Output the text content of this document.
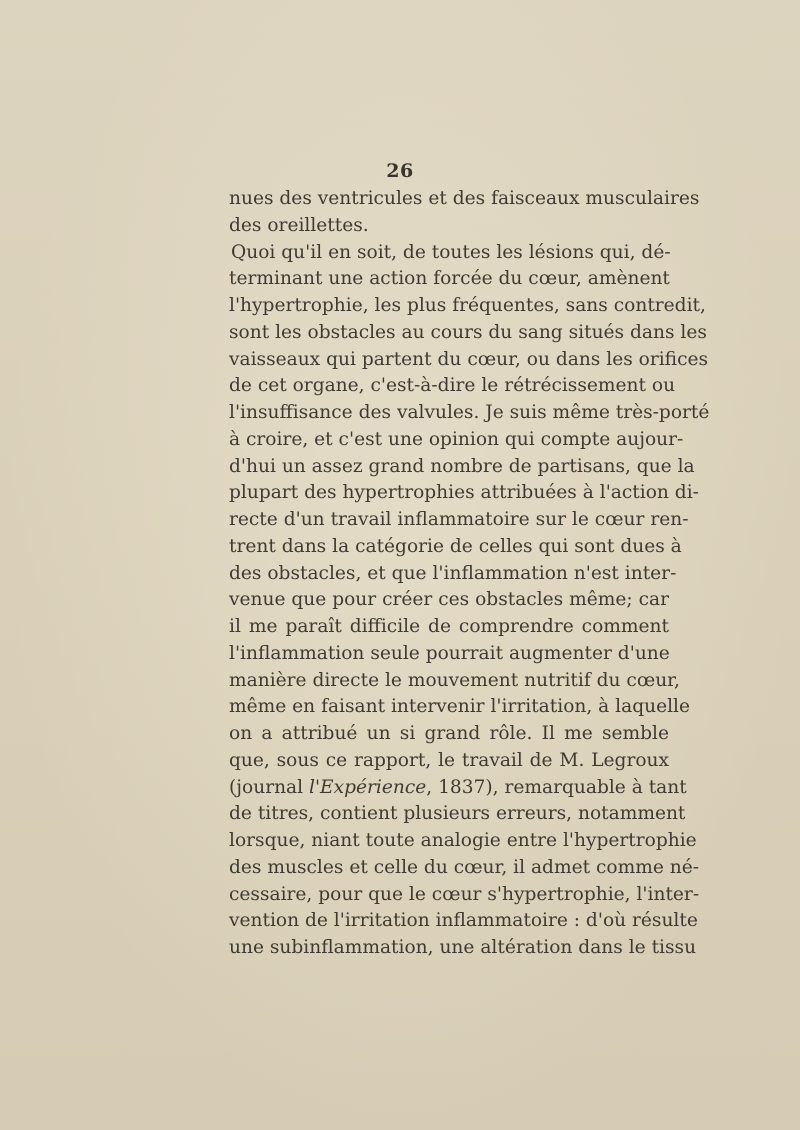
26
nues des ventricules et des faisceaux musculaires
des oreillettes.
Quoi qu'il en soit, de toutes les lésions qui, dé-
terminant une action forcée du cœur, amènent
l'hypertrophie, les plus fréquentes, sans contredit,
sont les obstacles au cours du sang situés dans les
vaisseaux qui partent du cœur, ou dans les orifices
de cet organe, c'est-à-dire le rétrécissement ou
l'insuffisance des valvules. Je suis même très-porté
à croire, et c'est une opinion qui compte aujour-
d'hui un assez grand nombre de partisans, que la
plupart des hypertrophies attribuées à l'action di-
recte d'un travail inflammatoire sur le cœur ren-
trent dans la catégorie de celles qui sont dues à
des obstacles, et que l'inflammation n'est inter-
venue que pour créer ces obstacles même; car
il me paraît difficile de comprendre comment
l'inflammation seule pourrait augmenter d'une
manière directe le mouvement nutritif du cœur,
même en faisant intervenir l'irritation, à laquelle
on a attribué un si grand rôle. Il me semble
que, sous ce rapport, le travail de M. Legroux
(journal l'Expérience, 1837), remarquable à tant
de titres, contient plusieurs erreurs, notamment
lorsque, niant toute analogie entre l'hypertrophie
des muscles et celle du cœur, il admet comme né-
cessaire, pour que le cœur s'hypertrophie, l'inter-
vention de l'irritation inflammatoire : d'où résulte
une subinflammation, une altération dans le tissu
